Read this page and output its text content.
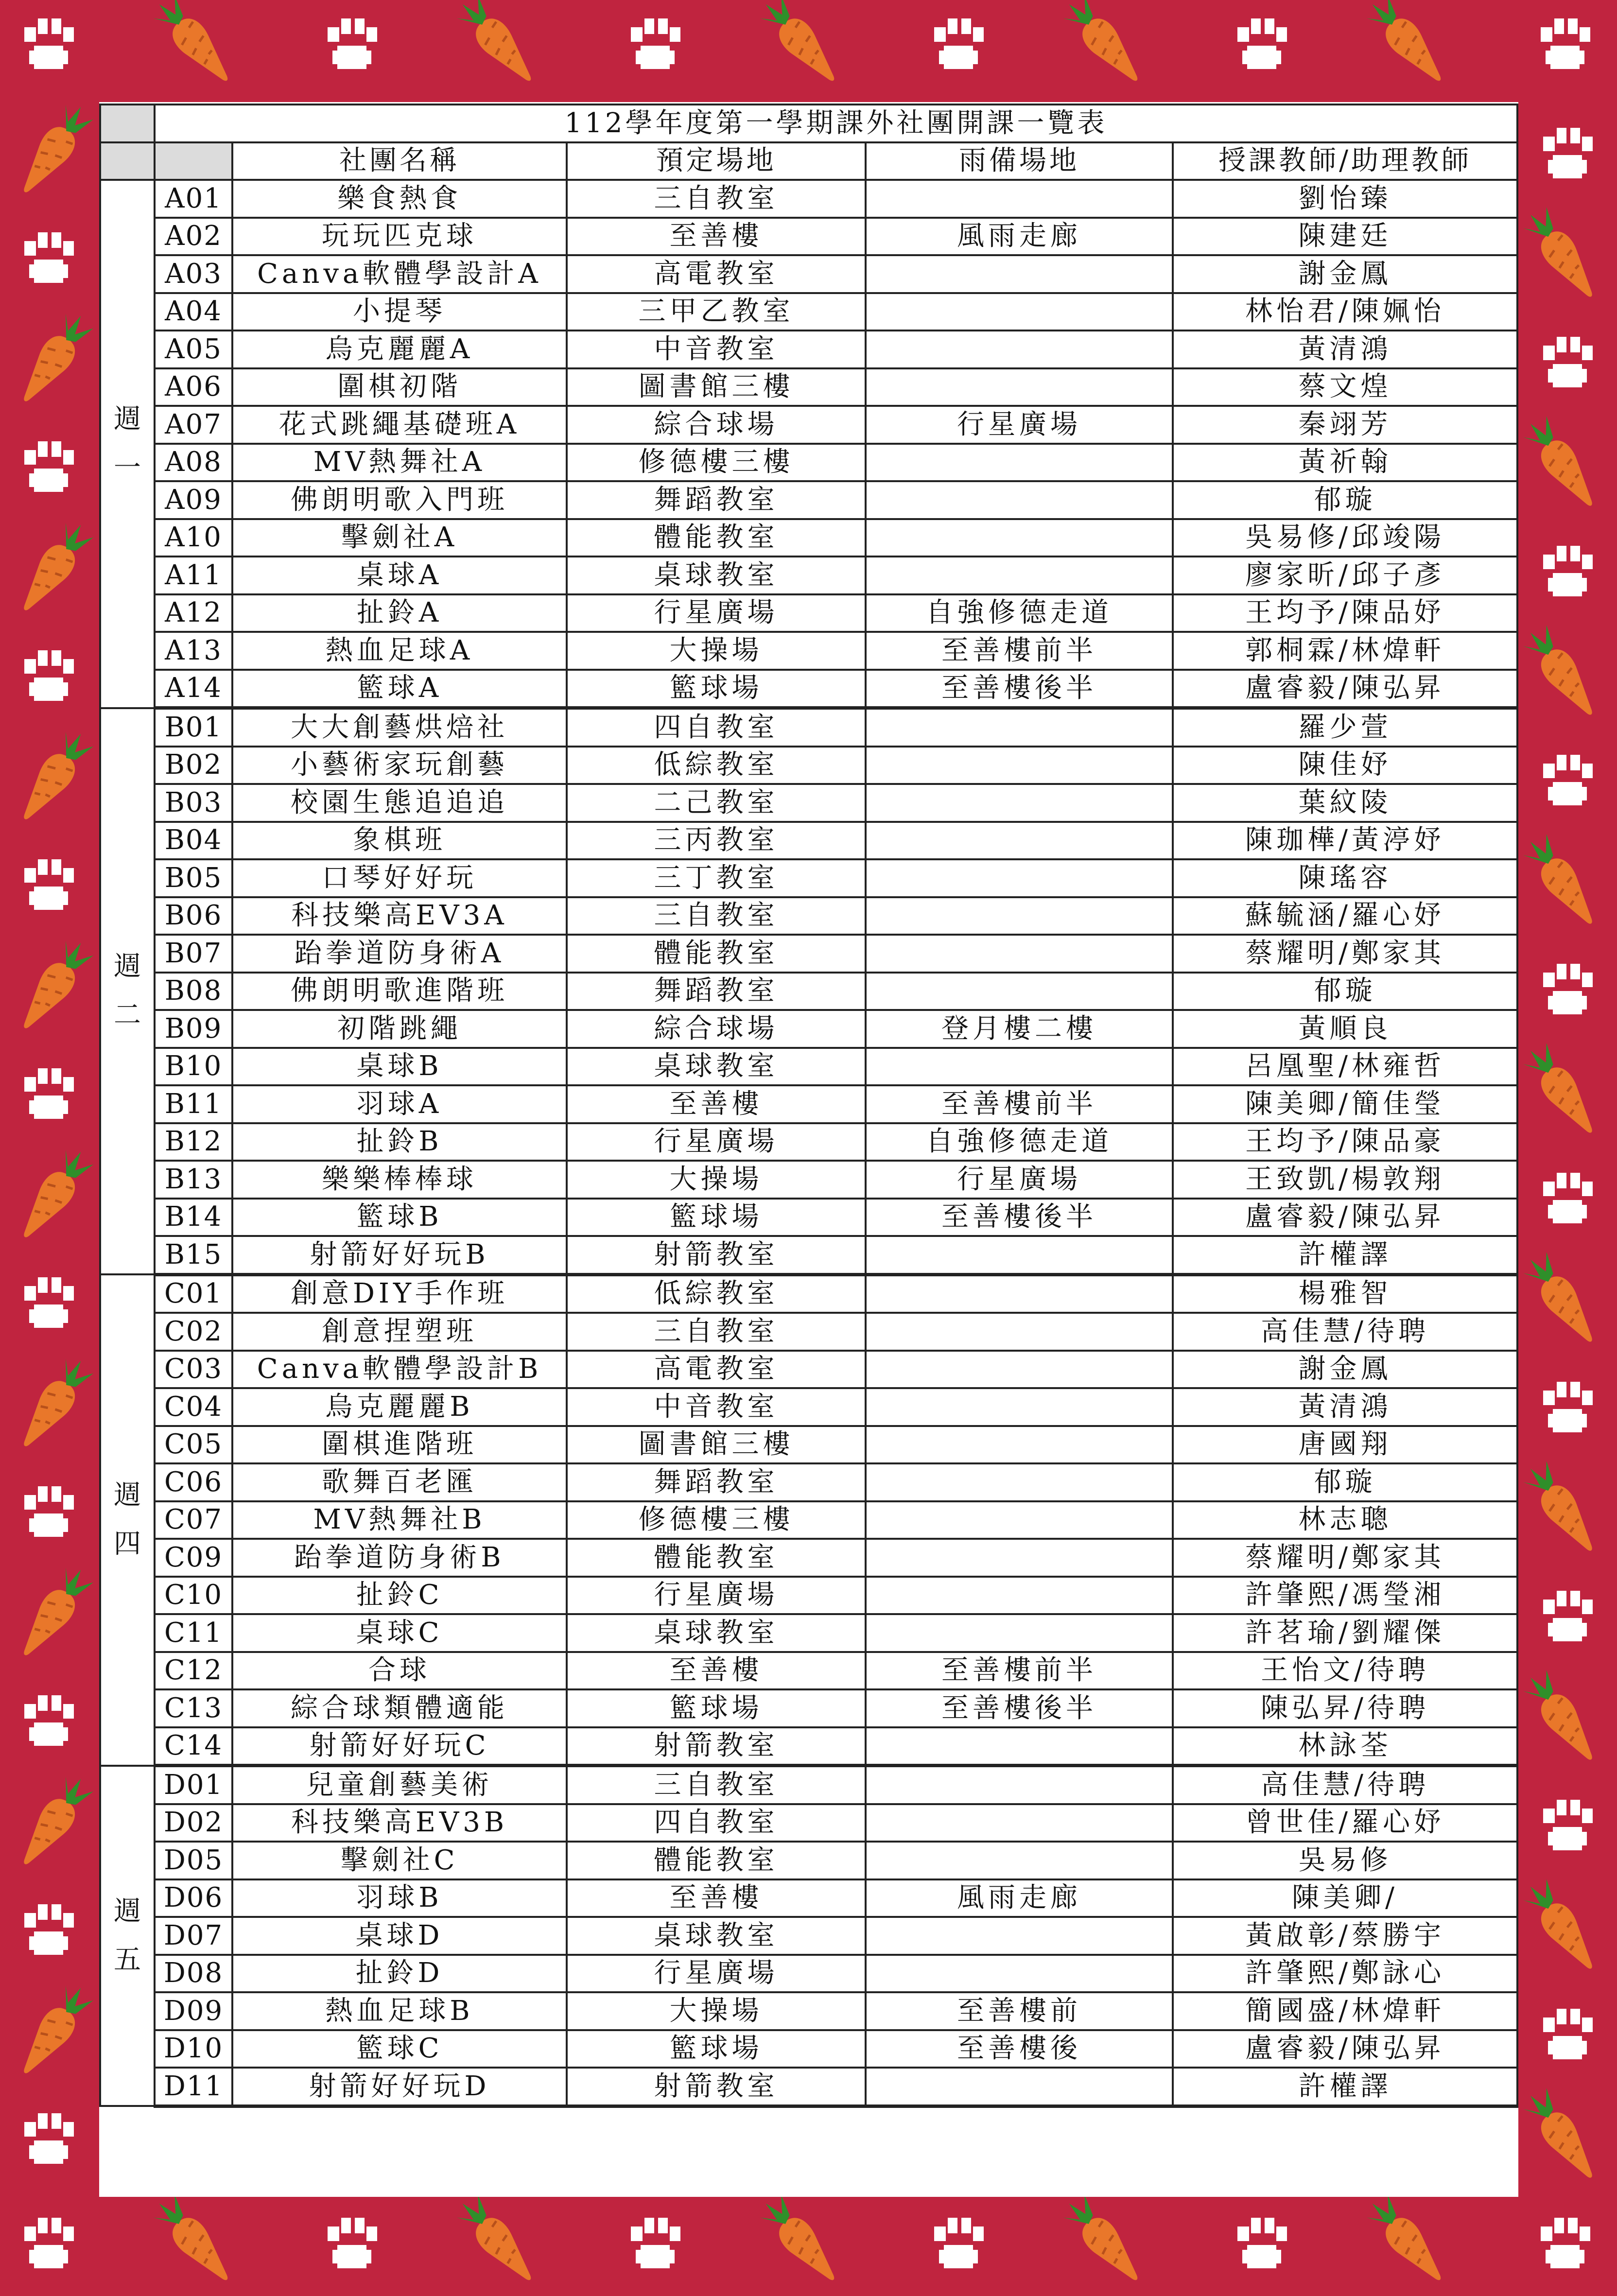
	112學年度第一學期課外社團開課一覽表				
		社團名稱	預定場地	雨備場地	授課教師/助理教師

週
一	A01	樂食熱食	三自教室		劉怡臻
	A02	玩玩匹克球	至善樓	風雨走廊	陳建廷
	A03	Canva軟體學設計A	高電教室		謝金鳳
	A04	小提琴	三甲乙教室		林怡君/陳姵怡
	A05	烏克麗麗A	中音教室		黃清鴻
	A06	圍棋初階	圖書館三樓		蔡文煌
	A07	花式跳繩基礎班A	綜合球場	行星廣場	秦翊芳
	A08	MV熱舞社A	修德樓三樓		黃祈翰
	A09	佛朗明歌入門班	舞蹈教室		郁璇
	A10	擊劍社A	體能教室		吳易修/邱竣陽
	A11	桌球A	桌球教室		廖家昕/邱子彥
	A12	扯鈴A	行星廣場	自強修德走道	王均予/陳品妤
	A13	熱血足球A	大操場	至善樓前半	郭桐霖/林煒軒
	A14	籃球A	籃球場	至善樓後半	盧睿毅/陳弘昇

週
二	B01	大大創藝烘焙社	四自教室		羅少萱
	B02	小藝術家玩創藝	低綜教室		陳佳妤
	B03	校園生態追追追	二己教室		葉紋陵
	B04	象棋班	三丙教室		陳珈樺/黃渟妤
	B05	口琴好好玩	三丁教室		陳瑤容
	B06	科技樂高EV3A	三自教室		蘇毓涵/羅心妤
	B07	跆拳道防身術A	體能教室		蔡耀明/鄭家其
	B08	佛朗明歌進階班	舞蹈教室		郁璇
	B09	初階跳繩	綜合球場	登月樓二樓	黃順良
	B10	桌球B	桌球教室		呂凰聖/林雍哲
	B11	羽球A	至善樓	至善樓前半	陳美卿/簡佳瑩
	B12	扯鈴B	行星廣場	自強修德走道	王均予/陳品豪
	B13	樂樂棒棒球	大操場	行星廣場	王致凱/楊敦翔
	B14	籃球B	籃球場	至善樓後半	盧睿毅/陳弘昇
	B15	射箭好好玩B	射箭教室		許權譯

週
四	C01	創意DIY手作班	低綜教室		楊雅智
	C02	創意捏塑班	三自教室		高佳慧/待聘
	C03	Canva軟體學設計B	高電教室		謝金鳳
	C04	烏克麗麗B	中音教室		黃清鴻
	C05	圍棋進階班	圖書館三樓		唐國翔
	C06	歌舞百老匯	舞蹈教室		郁璇
	C07	MV熱舞社B	修德樓三樓		林志聰
	C09	跆拳道防身術B	體能教室		蔡耀明/鄭家其
	C10	扯鈴C	行星廣場		許肇熙/馮瑩湘
	C11	桌球C	桌球教室		許茗瑜/劉耀傑
	C12	合球	至善樓	至善樓前半	王怡文/待聘
	C13	綜合球類體適能	籃球場	至善樓後半	陳弘昇/待聘
	C14	射箭好好玩C	射箭教室		林詠荃

週
五	D01	兒童創藝美術	三自教室		高佳慧/待聘
	D02	科技樂高EV3B	四自教室		曾世佳/羅心妤
	D05	擊劍社C	體能教室		吳易修
	D06	羽球B	至善樓	風雨走廊	陳美卿/
	D07	桌球D	桌球教室		黃啟彰/蔡勝宇
	D08	扯鈴D	行星廣場		許肇熙/鄭詠心
	D09	熱血足球B	大操場	至善樓前	簡國盛/林煒軒
	D10	籃球C	籃球場	至善樓後	盧睿毅/陳弘昇
	D11	射箭好好玩D	射箭教室		許權譯
